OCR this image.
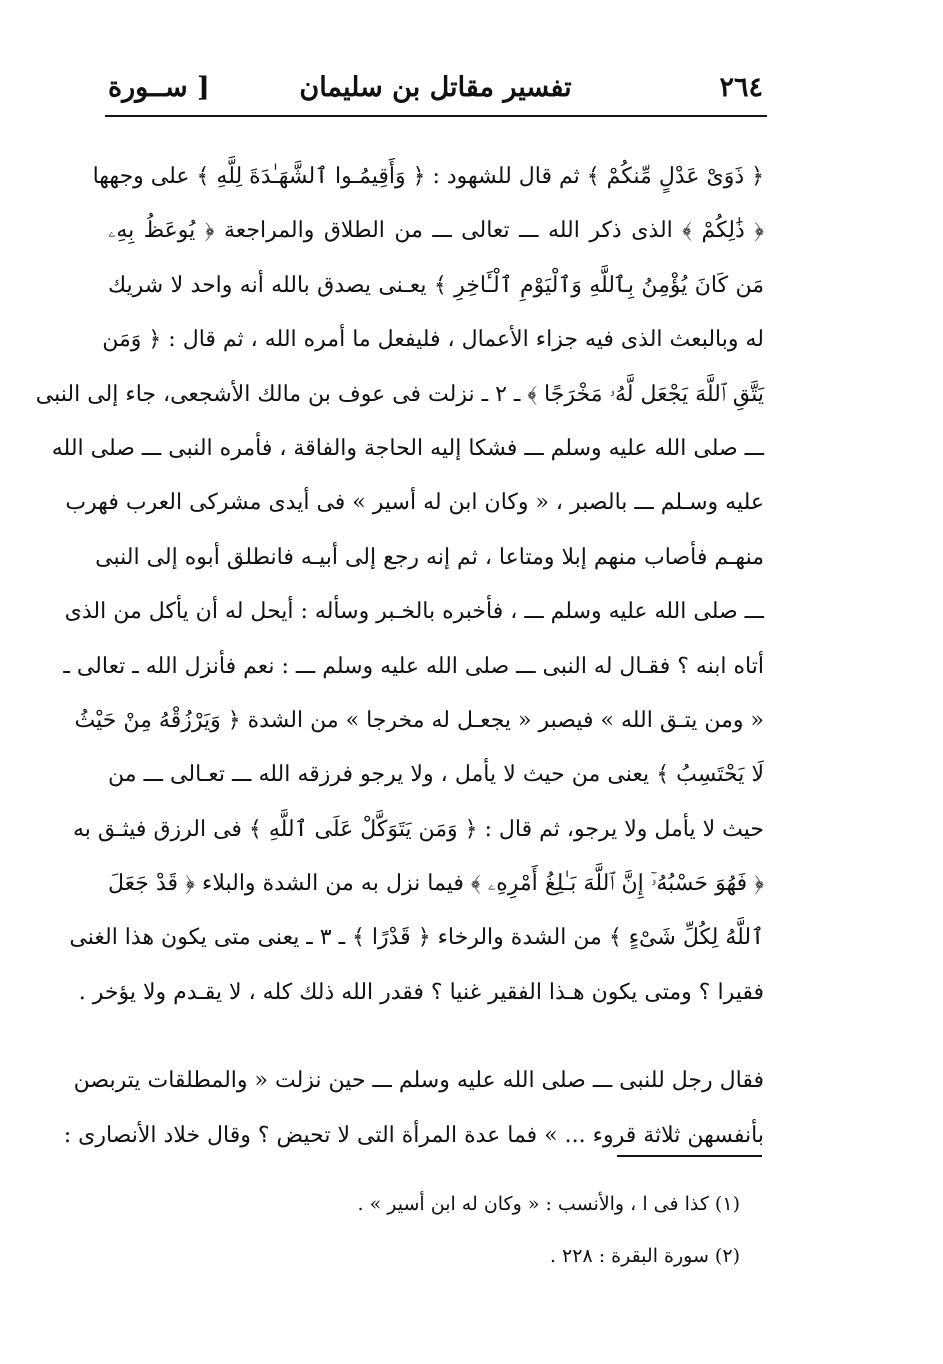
٢٦٤
تفسير مقاتل بن سليمان
[ ســورة
﴿ ذَوَىْ عَدْلٍ مِّنكُمْ ﴾ ثم قال للشهود : ﴿ وَأَقِيمُـوا ٱلشَّهَـٰدَةَ لِلَّهِ ﴾ على وجهها
﴿ ذَٰلِكُمْ ﴾ الذى ذكر الله ـــ تعالى ـــ من الطلاق والمراجعة ﴿ يُوعَظُ بِهِۦ
مَن كَانَ يُؤْمِنُ بِٱللَّهِ وَٱلْيَوْمِ ٱلْـَٔاخِرِ ﴾ يعـنى يصدق بالله أنه واحد لا شريك
له وبالبعث الذى فيه جزاء الأعمال ، فليفعل ما أمره الله ، ثم قال : ﴿ وَمَن
يَتَّقِ ٱللَّهَ يَجْعَل لَّهُۥ مَخْرَجًا ﴾ ـ ٢ ـ نزلت فى عوف بن مالك الأشجعى، جاء إلى النبى
ـــ صلى الله عليه وسلم ـــ فشكا إليه الحاجة والفاقة ، فأمره النبى ـــ صلى الله
عليه وسـلم ـــ بالصبر ، « وكان ابن له أسير » فى أيدى مشركى العرب فهرب
منهـم فأصاب منهم إبلا ومتاعا ، ثم إنه رجع إلى أبيـه فانطلق أبوه إلى النبى
ـــ صلى الله عليه وسلم ـــ ، فأخبره بالخـبر وسأله : أيحل له أن يأكل من الذى
أتاه ابنه ؟ فقـال له النبى ـــ صلى الله عليه وسلم ـــ : نعم فأنزل الله ـ تعالى ـ
« ومن يتـق الله » فيصبر « يجعـل له مخرجا » من الشدة ﴿ وَيَرْزُقْهُ مِنْ حَيْثُ
لَا يَحْتَسِبُ ﴾ يعنى من حيث لا يأمل ، ولا يرجو فرزقه الله ـــ تعـالى ـــ من
حيث لا يأمل ولا يرجو، ثم قال : ﴿ وَمَن يَتَوَكَّلْ عَلَى ٱللَّهِ ﴾ فى الرزق فيثـق به
﴿ فَهُوَ حَسْبُهُۥٓ إِنَّ ٱللَّهَ بَـٰلِغُ أَمْرِهِۦ ﴾ فيما نزل به من الشدة والبلاء ﴿ قَدْ جَعَلَ
ٱللَّهُ لِكُلِّ شَىْءٍ ﴾ من الشدة والرخاء ﴿ قَدْرًا ﴾ ـ ٣ ـ يعنى متى يكون هذا الغنى
فقيرا ؟ ومتى يكون هـذا الفقير غنيا ؟ فقدر الله ذلك كله ، لا يقـدم ولا يؤخر .
فقال رجل للنبى ـــ صلى الله عليه وسلم ـــ حين نزلت « والمطلقات يتربصن
بأنفسهن ثلاثة قروء ... » فما عدة المرأة التى لا تحيض ؟ وقال خلاد الأنصارى :
(١) كذا فى ا ، والأنسب : « وكان له ابن أسير » .
(٢) سورة البقرة : ٢٢٨ .
